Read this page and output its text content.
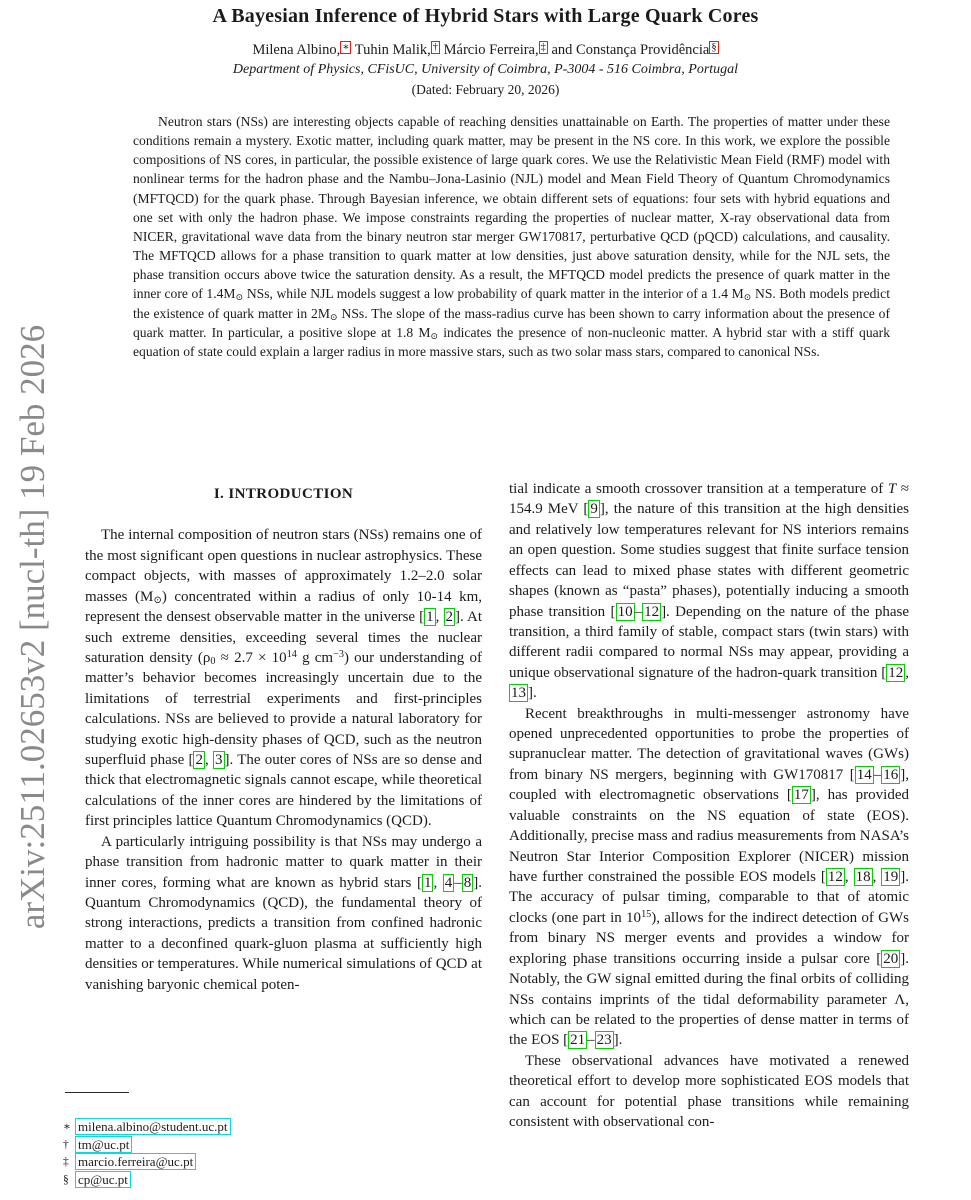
arXiv:2511.02653v2 [nucl-th] 19 Feb 2026
A Bayesian Inference of Hybrid Stars with Large Quark Cores
Milena Albino, ∗ Tuhin Malik, † Márcio Ferreira, ‡ and Constança Providência §
Department of Physics, CFisUC, University of Coimbra, P-3004 - 516 Coimbra, Portugal
(Dated: February 20, 2026)
Neutron stars (NSs) are interesting objects capable of reaching densities unattainable on Earth. The properties of matter under these conditions remain a mystery. Exotic matter, including quark matter, may be present in the NS core. In this work, we explore the possible compositions of NS cores, in particular, the possible existence of large quark cores. We use the Relativistic Mean Field (RMF) model with nonlinear terms for the hadron phase and the Nambu–Jona-Lasinio (NJL) model and Mean Field Theory of Quantum Chromodynamics (MFTQCD) for the quark phase. Through Bayesian inference, we obtain different sets of equations: four sets with hybrid equations and one set with only the hadron phase. We impose constraints regarding the properties of nuclear matter, X-ray observational data from NICER, gravitational wave data from the binary neutron star merger GW170817, perturbative QCD (pQCD) calculations, and causality. The MFTQCD allows for a phase transition to quark matter at low densities, just above saturation density, while for the NJL sets, the phase transition occurs above twice the saturation density. As a result, the MFTQCD model predicts the presence of quark matter in the inner core of $1.4M_⊙$ NSs, while NJL models suggest a low probability of quark matter in the interior of a 1.4 $M_⊙$ NS. Both models predict the existence of quark matter in $2M_⊙$ NSs. The slope of the mass-radius curve has been shown to carry information about the presence of quark matter. In particular, a positive slope at 1.8 $M_⊙$ indicates the presence of non-nucleonic matter. A hybrid star with a stiff quark equation of state could explain a larger radius in more massive stars, such as two solar mass stars, compared to canonical NSs.
I. INTRODUCTION

The internal composition of neutron stars (NSs) remains one of the most significant open questions in nuclear astrophysics. These compact objects, with masses of approximately 1.2–2.0 solar masses $(M_⊙)$ concentrated within a radius of only 10-14 km, represent the densest observable matter in the universe [ 1 , 2 ]. At such extreme densities, exceeding several times the nuclear saturation density ($\rho_0 \approx 2.7 \times 10^{14}$ g $cm^{-3}$) our understanding of matter’s behavior becomes increasingly uncertain due to the limitations of terrestrial experiments and first-principles calculations. NSs are believed to provide a natural laboratory for studying exotic high-density phases of QCD, such as the neutron superfluid phase [ 2 , 3 ]. The outer cores of NSs are so dense and thick that electromagnetic signals cannot escape, while theoretical calculations of the inner cores are hindered by the limitations of first principles lattice Quantum Chromodynamics (QCD).

A particularly intriguing possibility is that NSs may undergo a phase transition from hadronic matter to quark matter in their inner cores, forming what are known as hybrid stars [ 1 , 4 – 8 ]. Quantum Chromodynamics (QCD), the fundamental theory of strong interactions, predicts a transition from confined hadronic matter to a deconfined quark-gluon plasma at sufficiently high densities or temperatures. While numerical simulations of QCD at vanishing baryonic chemical poten-

tial indicate a smooth crossover transition at a temperature of T ≈ 154.9 MeV [ 9 ], the nature of this transition at the high densities and relatively low temperatures relevant for NS interiors remains an open question. Some studies suggest that finite surface tension effects can lead to mixed phase states with different geometric shapes (known as “pasta” phases), potentially inducing a smooth phase transition [ 10 – 12 ]. Depending on the nature of the phase transition, a third family of stable, compact stars (twin stars) with different radii compared to normal NSs may appear, providing a unique observational signature of the hadron-quark transition [ 12 , 13 ].

Recent breakthroughs in multi-messenger astronomy have opened unprecedented opportunities to probe the properties of supranuclear matter. The detection of gravitational waves (GWs) from binary NS mergers, beginning with GW170817 [ 14 – 16 ], coupled with electromagnetic observations [ 17 ], has provided valuable constraints on the NS equation of state (EOS). Additionally, precise mass and radius measurements from NASA’s Neutron Star Interior Composition Explorer (NICER) mission have further constrained the possible EOS models [ 12 , 18 , 19 ]. The accuracy of pulsar timing, comparable to that of atomic clocks (one part in $10^{15}$), allows for the indirect detection of GWs from binary NS merger events and provides a window for exploring phase transitions occurring inside a pulsar core [ 20 ]. Notably, the GW signal emitted during the final orbits of colliding NSs contains imprints of the tidal deformability parameter Λ, which can be related to the properties of dense matter in terms of the EOS [ 21 – 23 ].

These observational advances have motivated a renewed theoretical effort to develop more sophisticated EOS models that can account for potential phase transitions while remaining consistent with observational con-

∗ milena.albino@student.uc.pt
† tm@uc.pt
‡ marcio.ferreira@uc.pt
§ cp@uc.pt
